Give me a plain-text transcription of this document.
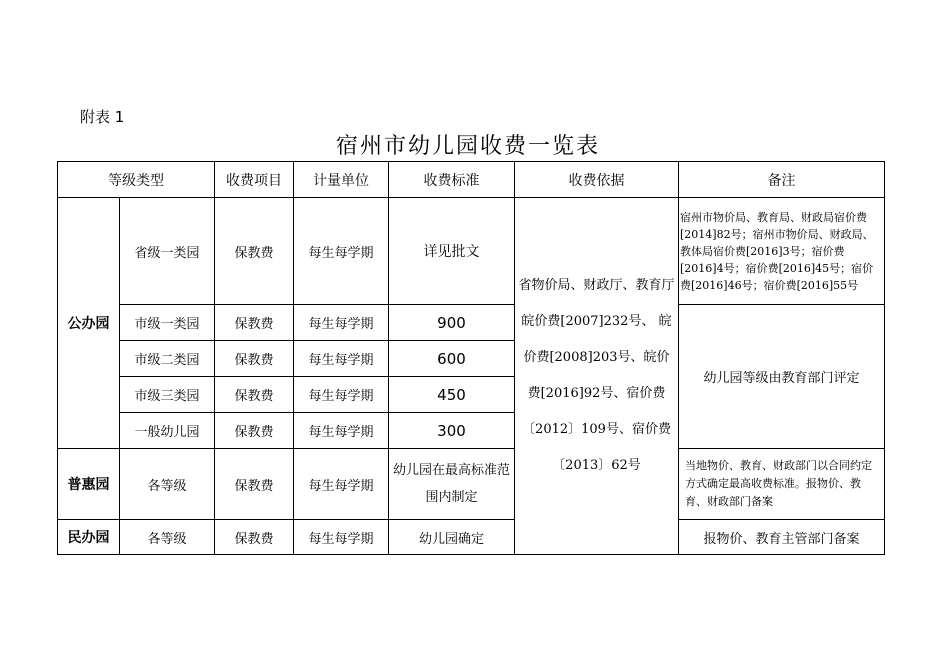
附表 1
宿州市幼儿园收费一览表
等级类型		收费项目	计量单位	收费标准	收费依据	备注
公办园	省级一类园	保教费	每生每学期	详见批文	省物价局、财政厅、教育厅皖价费[2007]232号、 皖价费[2008]203号、皖价费[2016]92号、宿价费〔2012〕109号、宿价费〔2013〕62号	宿州市物价局、教育局、财政局宿价费[2014]82号；宿州市物价局、财政局、教体局宿价费[2016]3号；宿价费[2016]4号；宿价费[2016]45号；宿价费[2016]46号；宿价费[2016]55号
	市级一类园	保教费	每生每学期	900		幼儿园等级由教育部门评定
	市级二类园	保教费	每生每学期	600		
	市级三类园	保教费	每生每学期	450		
	一般幼儿园	保教费	每生每学期	300		
普惠园	各等级	保教费	每生每学期	幼儿园在最高标准范围内制定		当地物价、教育、财政部门以合同约定方式确定最高收费标准。报物价、教育、财政部门备案
民办园	各等级	保教费	每生每学期	幼儿园确定		报物价、教育主管部门备案
